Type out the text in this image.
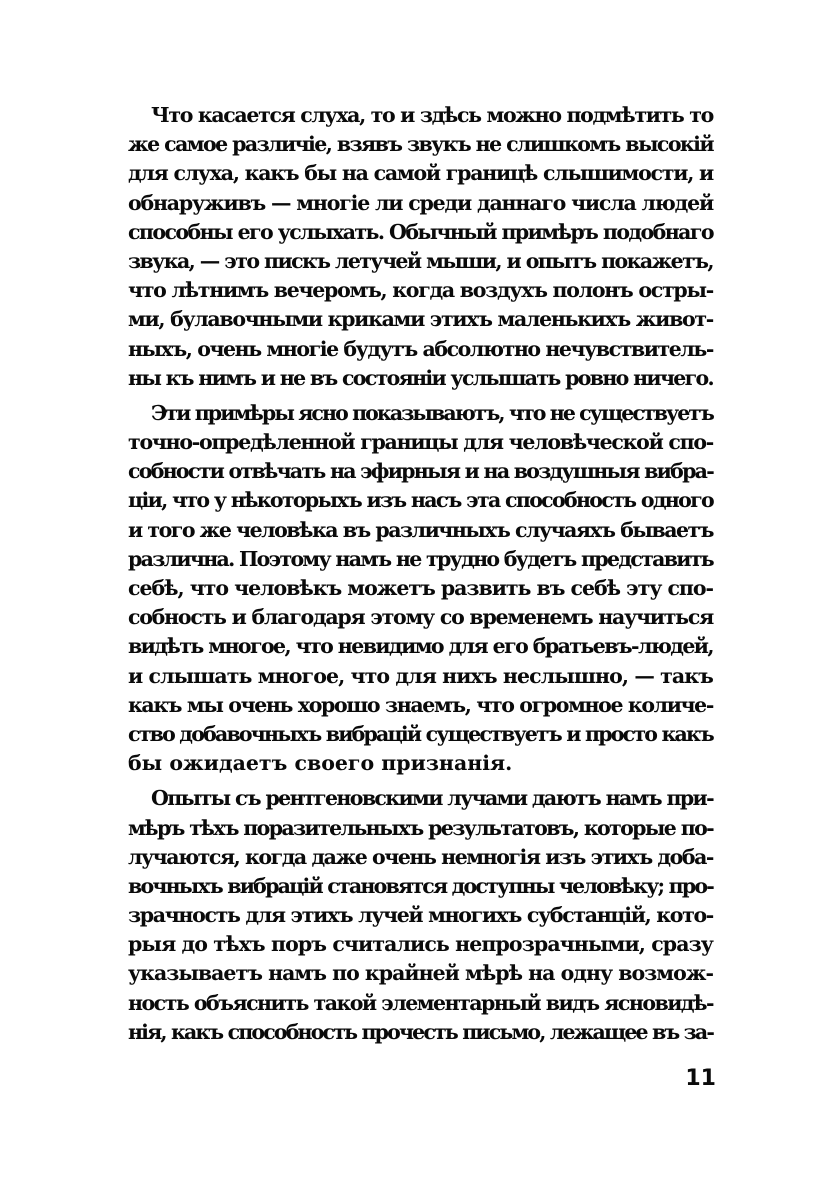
Что касается слуха, то и здѣсь можно подмѣтить то
же самое различіе, взявъ звукъ не слишкомъ высокій
для слуха, какъ бы на самой границѣ слышимости, и
обнаруживъ — многіе ли среди даннаго числа людей
способны его услыхать. Обычный примѣръ подобнаго
звука, — это пискъ летучей мыши, и опытъ покажетъ,
что лѣтнимъ вечеромъ, когда воздухъ полонъ остры-
ми, булавочными криками этихъ маленькихъ живот-
ныхъ, очень многіе будутъ абсолютно нечувствитель-
ны къ нимъ и не въ состояніи услышать ровно ничего.
Эти примѣры ясно показываютъ, что не существуетъ
точно-опредѣленной границы для человѣческой спо-
собности отвѣчать на эфирныя и на воздушныя вибра-
ціи, что у нѣкоторыхъ изъ насъ эта способность одного
и того же человѣка въ различныхъ случаяхъ бываетъ
различна. Поэтому намъ не трудно будетъ представить
себѣ, что человѣкъ можетъ развить въ себѣ эту спо-
собность и благодаря этому со временемъ научиться
видѣть многое, что невидимо для его братьевъ-людей,
и слышать многое, что для нихъ неслышно, — такъ
какъ мы очень хорошо знаемъ, что огромное количе-
ство добавочныхъ вибрацій существуетъ и просто какъ
бы ожидаетъ своего признанія.
Опыты съ рентгеновскими лучами даютъ намъ при-
мѣръ тѣхъ поразительныхъ результатовъ, которые по-
лучаются, когда даже очень немногія изъ этихъ доба-
вочныхъ вибрацій становятся доступны человѣку; про-
зрачность для этихъ лучей многихъ субстанцій, кото-
рыя до тѣхъ поръ считались непрозрачными, сразу
указываетъ намъ по крайней мѣрѣ на одну возмож-
ность объяснить такой элементарный видъ ясновидѣ-
нія, какъ способность прочесть письмо, лежащее въ за-
11
